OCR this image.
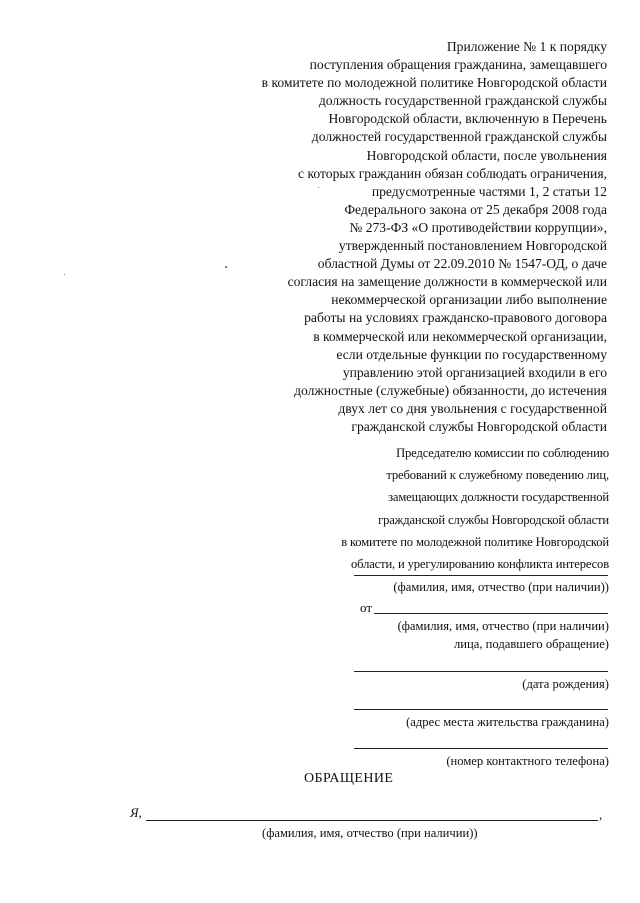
Приложение № 1 к порядку
поступления обращения гражданина, замещавшего
в комитете по молодежной политике Новгородской области
должность государственной гражданской службы
Новгородской области, включенную в Перечень
должностей государственной гражданской службы
Новгородской области, после увольнения
с которых гражданин обязан соблюдать ограничения,
предусмотренные частями 1, 2 статьи 12
Федерального закона от 25 декабря 2008 года
№ 273-ФЗ «О противодействии коррупции»,
утвержденный постановлением Новгородской
областной Думы от 22.09.2010 № 1547-ОД, о даче
согласия на замещение должности в коммерческой или
некоммерческой организации либо выполнение
работы на условиях гражданско-правового договора
в коммерческой или некоммерческой организации,
если отдельные функции по государственному
управлению этой организацией входили в его
должностные (служебные) обязанности, до истечения
двух лет со дня увольнения с государственной
гражданской службы Новгородской области
Председателю комиссии по соблюдению
требований к служебному поведению лиц,
замещающих должности государственной
гражданской службы Новгородской области
в комитете по молодежной политике Новгородской
области, и урегулированию конфликта интересов
(фамилия, имя, отчество (при наличии))
от
(фамилия, имя, отчество (при наличии)
лица, подавшего обращение)
(дата рождения)
(адрес места жительства гражданина)
(номер контактного телефона)
ОБРАЩЕНИЕ
Я,	,
(фамилия, имя, отчество (при наличии))
